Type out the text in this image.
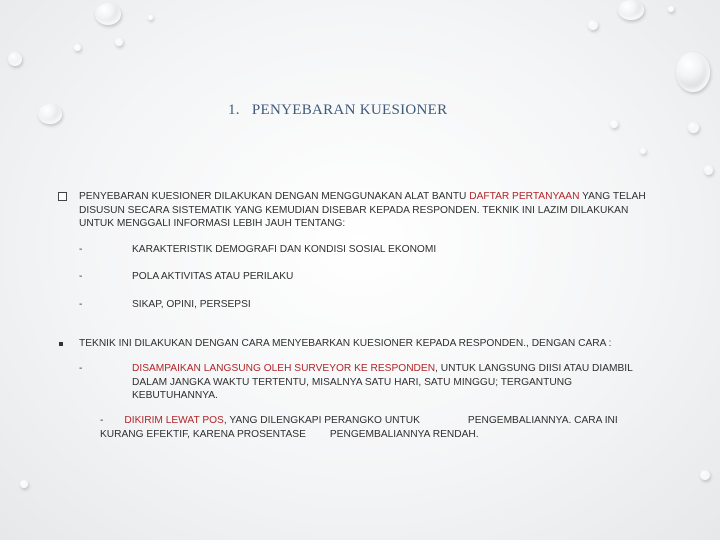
1. PENYEBARAN KUESIONER
PENYEBARAN KUESIONER DILAKUKAN DENGAN MENGGUNAKAN ALAT BANTU DAFTAR PERTANYAAN YANG TELAH DISUSUN SECARA SISTEMATIK YANG KEMUDIAN DISEBAR KEPADA RESPONDEN. TEKNIK INI LAZIM DILAKUKAN UNTUK MENGGALI INFORMASI LEBIH JAUH TENTANG:
-	KARAKTERISTIK DEMOGRAFI DAN KONDISI SOSIAL EKONOMI
-	POLA AKTIVITAS ATAU PERILAKU
-	SIKAP, OPINI, PERSEPSI
TEKNIK INI DILAKUKAN DENGAN CARA MENYEBARKAN KUESIONER KEPADA RESPONDEN., DENGAN CARA :
-	DISAMPAIKAN LANGSUNG OLEH SURVEYOR KE RESPONDEN, UNTUK LANGSUNG DIISI ATAU DIAMBIL DALAM JANGKA WAKTU TERTENTU, MISALNYA SATU HARI, SATU MINGGU; TERGANTUNG KEBUTUHANNYA.
- DIKIRIM LEWAT POS, YANG DILENGKAPI PERANGKO UNTUK	PENGEMBALIANNYA. CARA INI KURANG EFEKTIF, KARENA PROSENTASE PENGEMBALIANNYA RENDAH.
